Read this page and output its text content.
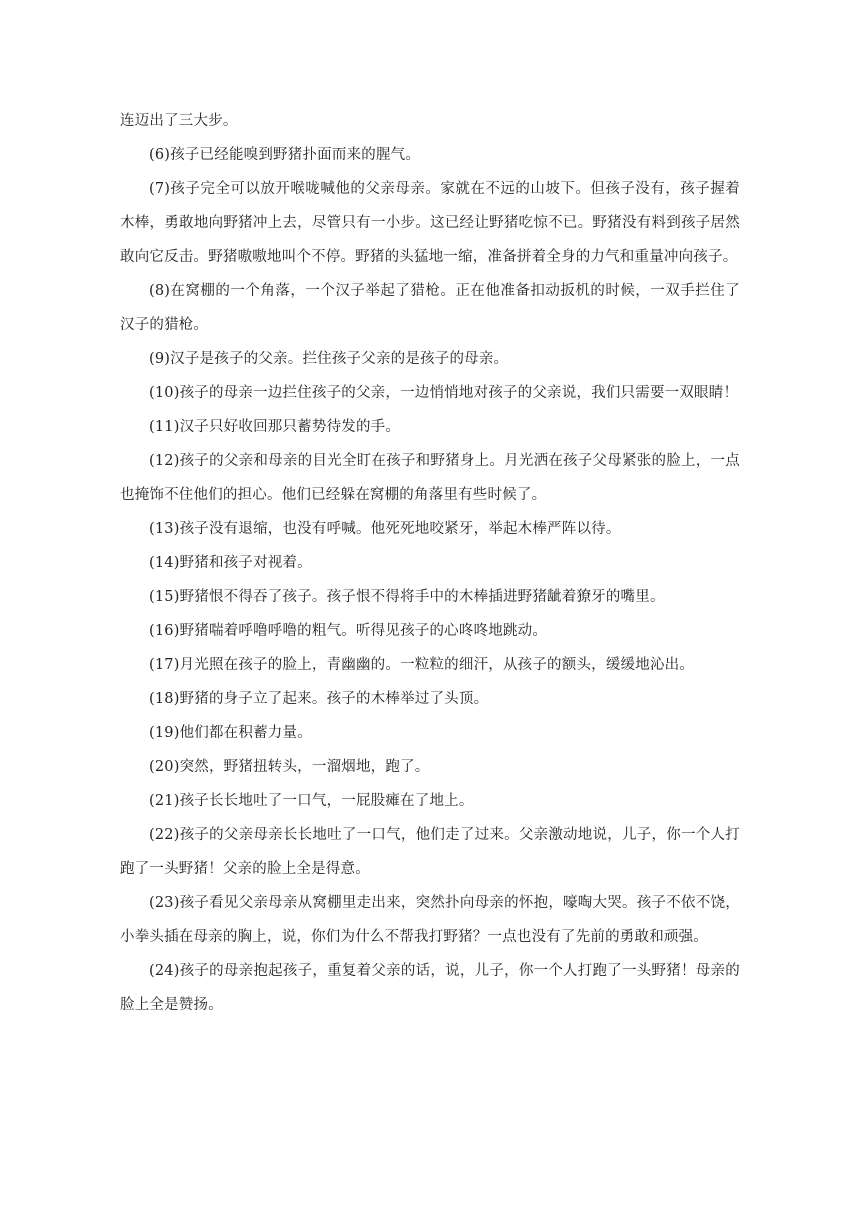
连迈出了三大步。

(6)孩子已经能嗅到野猪扑面而来的腥气。

(7)孩子完全可以放开喉咙喊他的父亲母亲。家就在不远的山坡下。但孩子没有，孩子握着木棒，勇敢地向野猪冲上去，尽管只有一小步。这已经让野猪吃惊不已。野猪没有料到孩子居然敢向它反击。野猪嗷嗷地叫个不停。野猪的头猛地一缩，准备拼着全身的力气和重量冲向孩子。

(8)在窝棚的一个角落，一个汉子举起了猎枪。正在他准备扣动扳机的时候，一双手拦住了汉子的猎枪。

(9)汉子是孩子的父亲。拦住孩子父亲的是孩子的母亲。

(10)孩子的母亲一边拦住孩子的父亲，一边悄悄地对孩子的父亲说，我们只需要一双眼睛！

(11)汉子只好收回那只蓄势待发的手。

(12)孩子的父亲和母亲的目光全盯在孩子和野猪身上。月光洒在孩子父母紧张的脸上，一点也掩饰不住他们的担心。他们已经躲在窝棚的角落里有些时候了。

(13)孩子没有退缩，也没有呼喊。他死死地咬紧牙，举起木棒严阵以待。

(14)野猪和孩子对视着。

(15)野猪恨不得吞了孩子。孩子恨不得将手中的木棒插进野猪龇着獠牙的嘴里。

(16)野猪喘着呼噜呼噜的粗气。听得见孩子的心咚咚地跳动。

(17)月光照在孩子的脸上，青幽幽的。一粒粒的细汗，从孩子的额头，缓缓地沁出。

(18)野猪的身子立了起来。孩子的木棒举过了头顶。

(19)他们都在积蓄力量。

(20)突然，野猪扭转头，一溜烟地，跑了。

(21)孩子长长地吐了一口气，一屁股瘫在了地上。

(22)孩子的父亲母亲长长地吐了一口气，他们走了过来。父亲激动地说，儿子，你一个人打跑了一头野猪！父亲的脸上全是得意。

(23)孩子看见父亲母亲从窝棚里走出来，突然扑向母亲的怀抱，嚎啕大哭。孩子不依不饶，小拳头插在母亲的胸上，说，你们为什么不帮我打野猪？一点也没有了先前的勇敢和顽强。

(24)孩子的母亲抱起孩子，重复着父亲的话，说，儿子，你一个人打跑了一头野猪！母亲的脸上全是赞扬。
